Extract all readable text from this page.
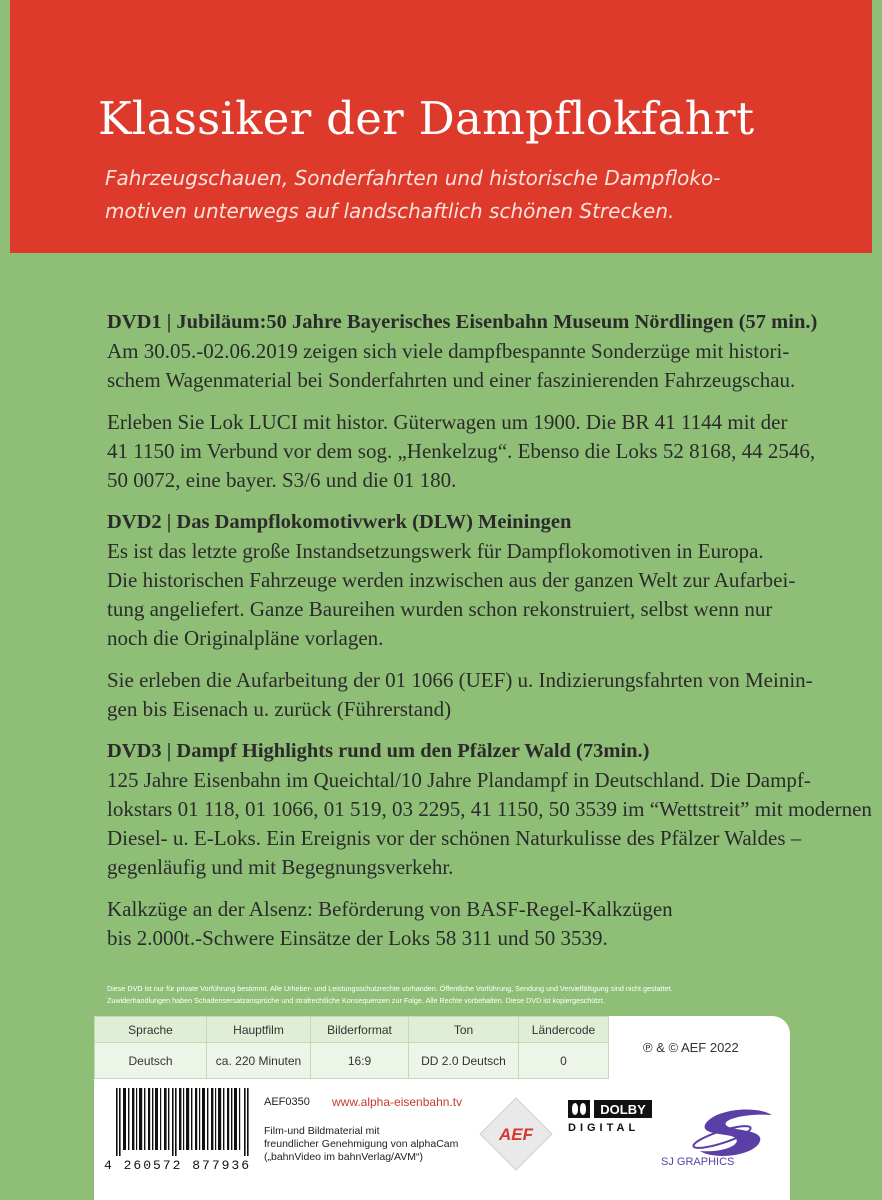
Klassiker der Dampflokfahrt

Fahrzeugschauen, Sonderfahrten und historische Dampfloko-

motiven unterwegs auf landschaftlich schönen Strecken.

DVD1 | Jubiläum:50 Jahre Bayerisches Eisenbahn Museum Nördlingen (57 min.)

Am 30.05.-02.06.2019 zeigen sich viele dampfbespannte Sonderzüge mit histori-

schem Wagenmaterial bei Sonderfahrten und einer faszinierenden Fahrzeugschau.

Erleben Sie Lok LUCI mit histor. Güterwagen um 1900. Die BR 41 1144 mit der

41 1150 im Verbund vor dem sog. „Henkelzug“. Ebenso die Loks 52 8168, 44 2546,

50 0072, eine bayer. S3/6 und die 01 180.

DVD2 | Das Dampflokomotivwerk (DLW) Meiningen

Es ist das letzte große Instandsetzungswerk für Dampflokomotiven in Europa.

Die historischen Fahrzeuge werden inzwischen aus der ganzen Welt zur Aufarbei-

tung angeliefert. Ganze Baureihen wurden schon rekonstruiert, selbst wenn nur

noch die Originalpläne vorlagen.

Sie erleben die Aufarbeitung der 01 1066 (UEF) u. Indizierungsfahrten von Meinin-

gen bis Eisenach u. zurück (Führerstand)

DVD3 | Dampf Highlights rund um den Pfälzer Wald (73min.)

125 Jahre Eisenbahn im Queichtal/10 Jahre Plandampf in Deutschland. Die Dampf-

lokstars 01 118, 01 1066, 01 519, 03 2295, 41 1150, 50 3539 im “Wettstreit” mit modernen

Diesel- u. E-Loks. Ein Ereignis vor der schönen Naturkulisse des Pfälzer Waldes –

gegenläufig und mit Begegnungsverkehr.

Kalkzüge an der Alsenz: Beförderung von BASF-Regel-Kalkzügen

bis 2.000t.-Schwere Einsätze der Loks 58 311 und 50 3539.

Diese DVD ist nur für private Vorführung bestimmt. Alle Urheber- und Leistungsschutzrechte vorhanden. Öffentliche Vorführung, Sendung und Vervielfältigung sind nicht gestattet.

Zuwiderhandlungen haben Schadensersatzansprüche und strafrechtliche Konsequenzen zur Folge. Alle Rechte vorbehalten. Diese DVD ist kopiergeschützt.

Sprache	Hauptfilm	Bilderformat	Ton	Ländercode
Deutsch	ca. 220 Minuten	16:9	DD 2.0 Deutsch	0
℗ & © AEF 2022
4 260572 877936
AEF0350 www.alpha-eisenbahn.tv

Film-und Bildmaterial mit

freundlicher Genehmigung von alphaCam

(„bahnVideo im bahnVerlag/AVM“)

AEF
DOLBY
DIGITAL
SJ GRAPHICS
